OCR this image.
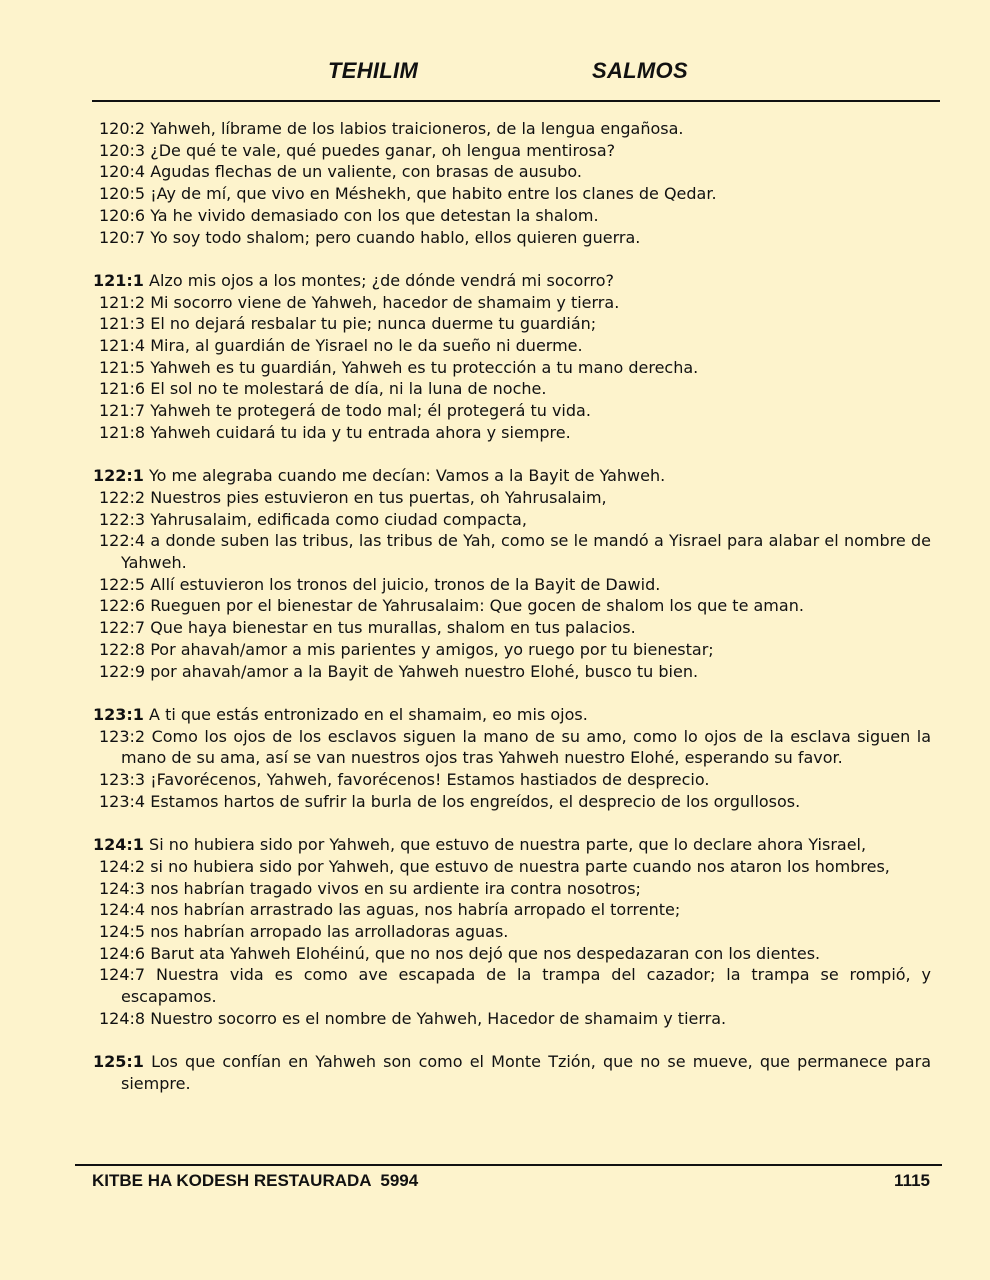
TEHILIM	SALMOS

120:2 Yahweh, líbrame de los labios traicioneros, de la lengua engañosa.

120:3 ¿De qué te vale, qué puedes ganar, oh lengua mentirosa?

120:4 Agudas flechas de un valiente, con brasas de ausubo.

120:5 ¡Ay de mí, que vivo en Méshekh, que habito entre los clanes de Qedar.

120:6 Ya he vivido demasiado con los que detestan la shalom.

120:7 Yo soy todo shalom; pero cuando hablo, ellos quieren guerra.

121:1 Alzo mis ojos a los montes; ¿de dónde vendrá mi socorro?

121:2 Mi socorro viene de Yahweh, hacedor de shamaim y tierra.

121:3 El no dejará resbalar tu pie; nunca duerme tu guardián;

121:4 Mira, al guardián de Yisrael no le da sueño ni duerme.

121:5 Yahweh es tu guardián, Yahweh es tu protección a tu mano derecha.

121:6 El sol no te molestará de día, ni la luna de noche.

121:7 Yahweh te protegerá de todo mal; él protegerá tu vida.

121:8 Yahweh cuidará tu ida y tu entrada ahora y siempre.

122:1 Yo me alegraba cuando me decían: Vamos a la Bayit de Yahweh.

122:2 Nuestros pies estuvieron en tus puertas, oh Yahrusalaim,

122:3 Yahrusalaim, edificada como ciudad compacta,

122:4 a donde suben las tribus, las tribus de Yah, como se le mandó a Yisrael para alabar el nombre de Yahweh.

122:5 Allí estuvieron los tronos del juicio, tronos de la Bayit de Dawid.

122:6 Rueguen por el bienestar de Yahrusalaim: Que gocen de shalom los que te aman.

122:7 Que haya bienestar en tus murallas, shalom en tus palacios.

122:8 Por ahavah/amor a mis parientes y amigos, yo ruego por tu bienestar;

122:9 por ahavah/amor a la Bayit de Yahweh nuestro Elohé, busco tu bien.

123:1 A ti que estás entronizado en el shamaim, eo mis ojos.

123:2 Como los ojos de los esclavos siguen la mano de su amo, como lo ojos de la esclava siguen la mano de su ama, así se van nuestros ojos tras Yahweh nuestro Elohé, esperando su favor.

123:3 ¡Favorécenos, Yahweh, favorécenos! Estamos hastiados de desprecio.

123:4 Estamos hartos de sufrir la burla de los engreídos, el desprecio de los orgullosos.

124:1 Si no hubiera sido por Yahweh, que estuvo de nuestra parte, que lo declare ahora Yisrael,

124:2 si no hubiera sido por Yahweh, que estuvo de nuestra parte cuando nos ataron los hombres,

124:3 nos habrían tragado vivos en su ardiente ira contra nosotros;

124:4 nos habrían arrastrado las aguas, nos habría arropado el torrente;

124:5 nos habrían arropado las arrolladoras aguas.

124:6 Barut ata Yahweh Elohéinú, que no nos dejó que nos despedazaran con los dientes.

124:7 Nuestra vida es como ave escapada de la trampa del cazador; la trampa se rompió, y escapamos.

124:8 Nuestro socorro es el nombre de Yahweh, Hacedor de shamaim y tierra.

125:1 Los que confían en Yahweh son como el Monte Tzión, que no se mueve, que permanece para siempre.

KITBE HA KODESH RESTAURADA  5994	1115
